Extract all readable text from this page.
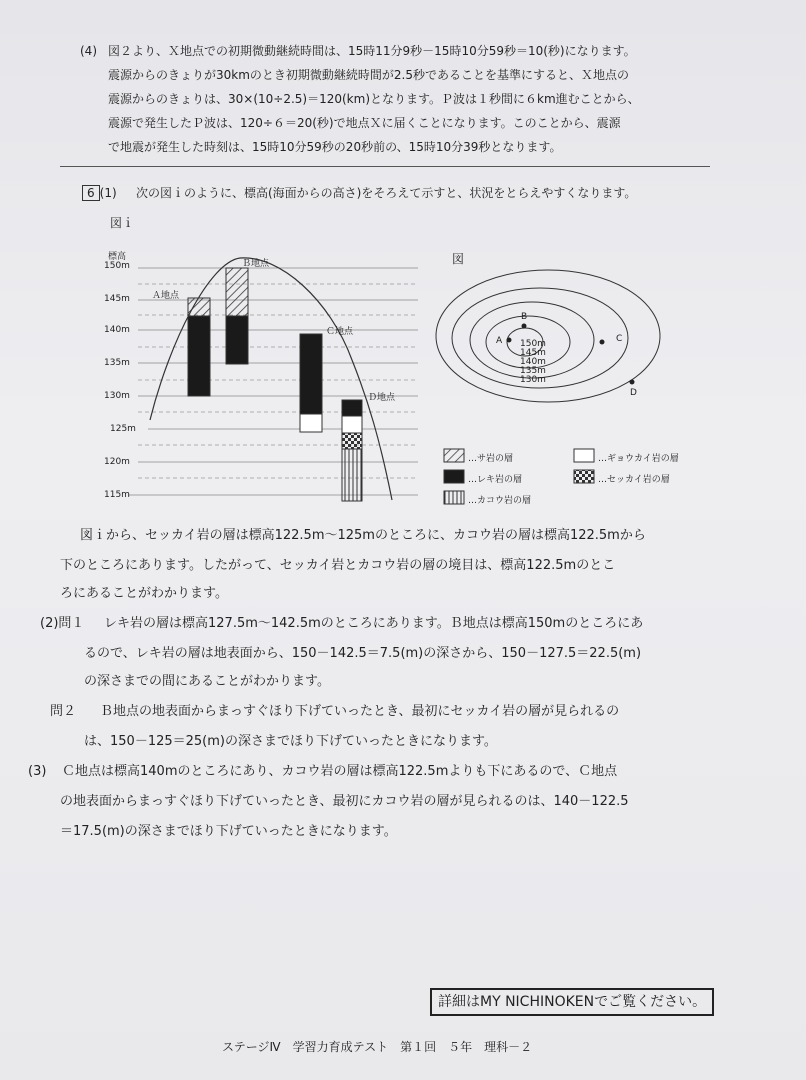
(4) 図２より、Ｘ地点での初期微動継続時間は、15時11分9秒－15時10分59秒＝10(秒)になります。
震源からのきょりが30kmのとき初期微動継続時間が2.5秒であることを基準にすると、Ｘ地点の
震源からのきょりは、30×(10÷2.5)＝120(km)となります。Ｐ波は１秒間に６km進むことから、
震源で発生したＰ波は、120÷６＝20(秒)で地点Ｘに届くことになります。このことから、震源
で地震が発生した時刻は、15時10分59秒の20秒前の、15時10分39秒となります。
6 (1) 次の図ｉのように、標高(海面からの高さ)をそろえて示すと、状況をとらえやすくなります。
図ｉ
標高
150m
145m
140m
135m
130m
125m
120m
115m
Ａ地点
Ｂ地点
Ｃ地点
Ｄ地点
図
A
B
C
D
150m
145m
140m
135m
130m
…サ岩の層
…レキ岩の層
…カコウ岩の層
…ギョウカイ岩の層
…セッカイ岩の層
図ｉから、セッカイ岩の層は標高122.5m～125mのところに、カコウ岩の層は標高122.5mから
下のところにあります。したがって、セッカイ岩とカコウ岩の層の境目は、標高122.5mのとこ
ろにあることがわかります。
(2)問１ レキ岩の層は標高127.5m～142.5mのところにあります。Ｂ地点は標高150mのところにあ
るので、レキ岩の層は地表面から、150－142.5＝7.5(m)の深さから、150－127.5＝22.5(m)
の深さまでの間にあることがわかります。
問２ Ｂ地点の地表面からまっすぐほり下げていったとき、最初にセッカイ岩の層が見られるの
は、150－125＝25(m)の深さまでほり下げていったときになります。
(3) Ｃ地点は標高140mのところにあり、カコウ岩の層は標高122.5mよりも下にあるので、Ｃ地点
の地表面からまっすぐほり下げていったとき、最初にカコウ岩の層が見られるのは、140－122.5
＝17.5(m)の深さまでほり下げていったときになります。
詳細はMY NICHINOKENでご覧ください。
ステージⅣ　学習力育成テスト　第１回　５年　理科－２
